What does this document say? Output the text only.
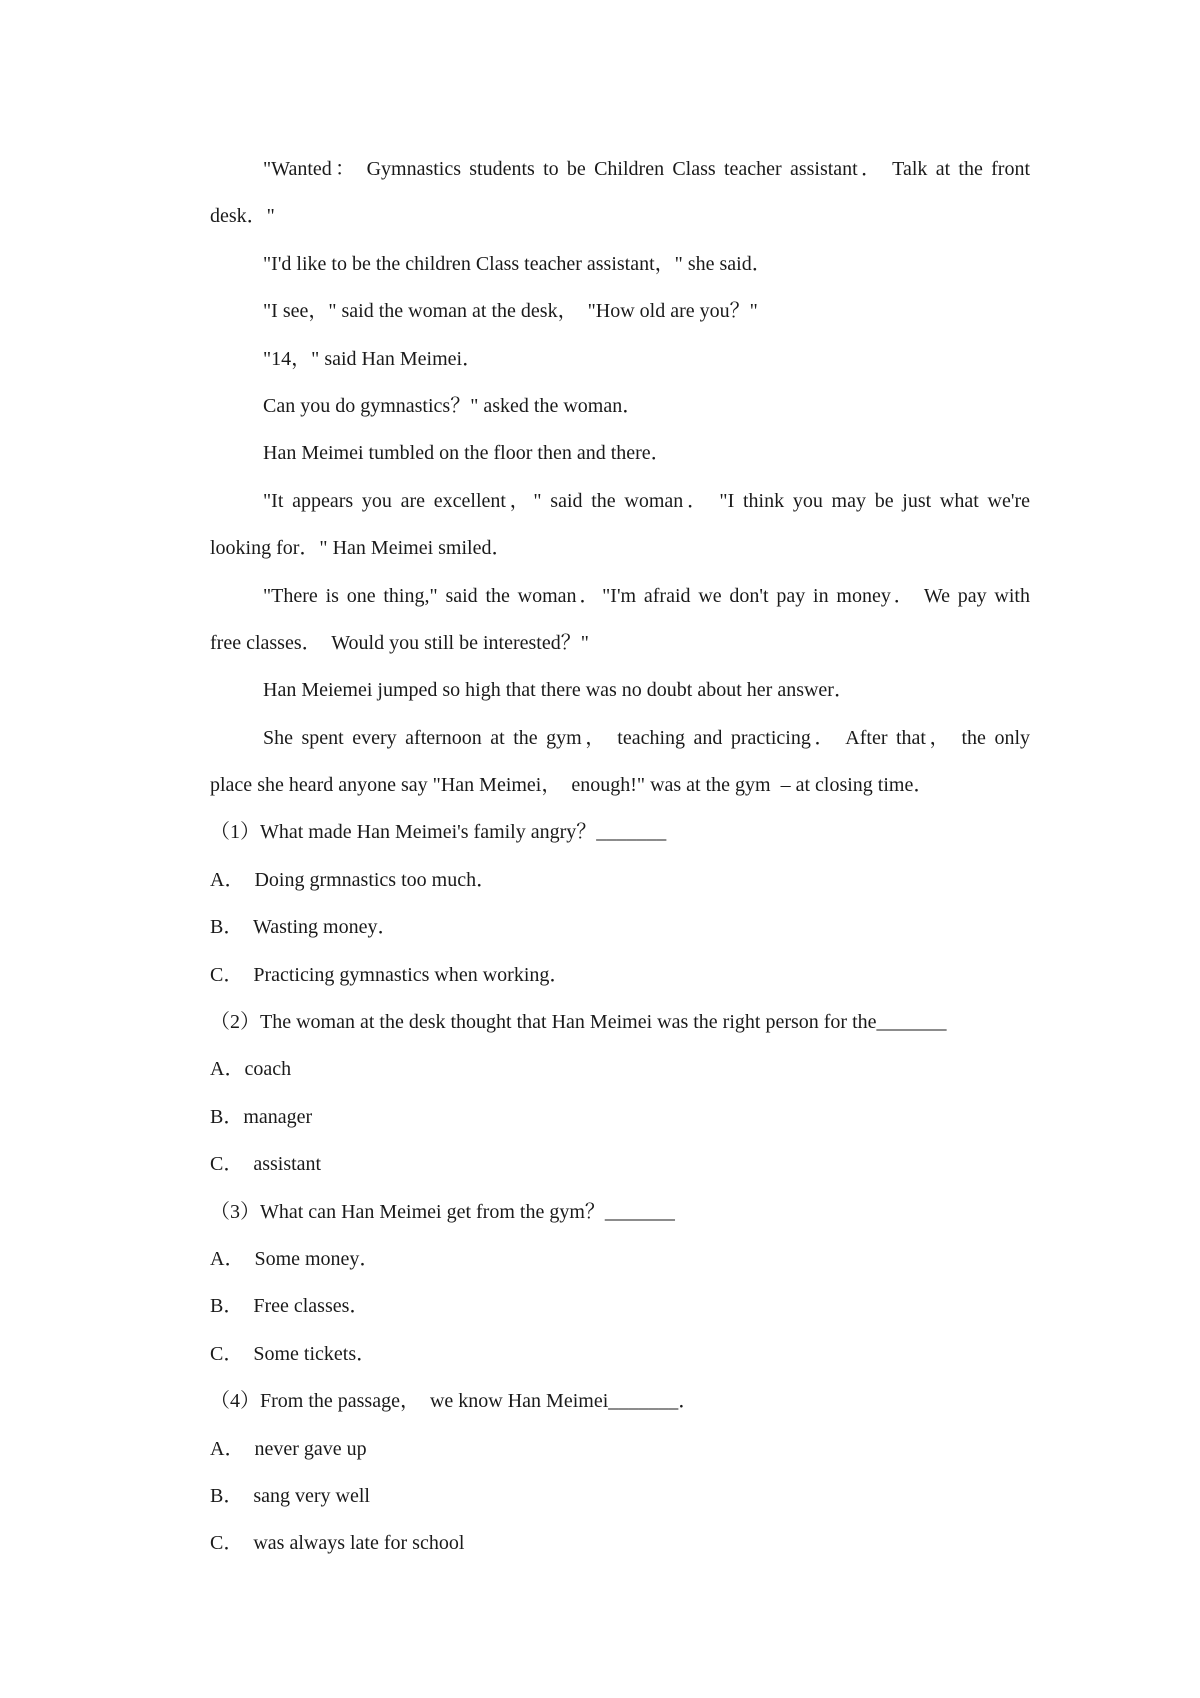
"Wanted： Gymnastics students to be Children Class teacher assistant． Talk at the front

desk．"

"I'd like to be the children Class teacher assistant，" she said．

"I see，" said the woman at the desk，  "How old are you？"

"14，" said Han Meimei．

Can you do gymnastics？" asked the woman．

Han Meimei tumbled on the floor then and there．

"It appears you are excellent，" said the woman． "I think you may be just what we're

looking for．" Han Meimei smiled．

"There is one thing," said the woman．"I'm afraid we don't pay in money． We pay with

free classes．  Would you still be interested？"

Han Meiemei jumped so high that there was no doubt about her answer．

She spent every afternoon at the gym， teaching and practicing． After that， the only

place she heard anyone say "Han Meimei，  enough!" was at the gym  – at closing time．

（1）What made Han Meimei's family angry？_______

A．  Doing grmnastics too much．

B．  Wasting money．

C．  Practicing gymnastics when working．

（2）The woman at the desk thought that Han Meimei was the right person for the_______

A．coach

B．manager

C．  assistant

（3）What can Han Meimei get from the gym？_______

A．  Some money．

B．  Free classes．

C．  Some tickets．

（4）From the passage，  we know Han Meimei_______．

A．  never gave up

B．  sang very well

C．  was always late for school
